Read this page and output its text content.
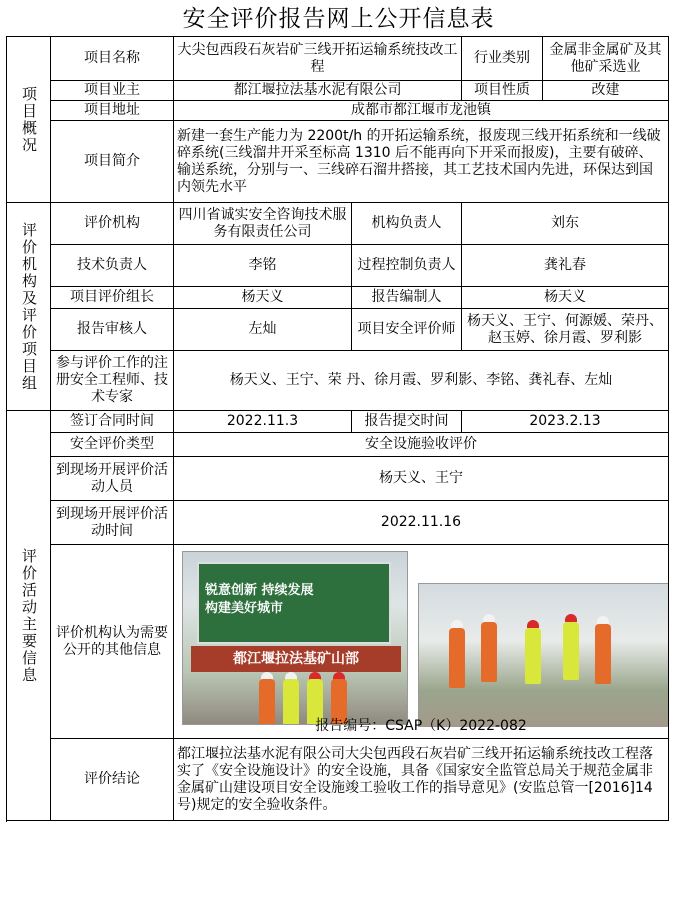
安全评价报告网上公开信息表
项目概况	项目名称	大尖包西段石灰岩矿三线开拓运输系统技改工程		行业类别	金属非金属矿及其他矿采选业
	项目业主	都江堰拉法基水泥有限公司		项目性质	改建
	项目地址	成都市都江堰市龙池镇			
	项目简介	新建一套生产能力为 2200t/h 的开拓运输系统，报废现三线开拓系统和一线破碎系统(三线溜井开采至标高 1310 后不能再向下开采而报废)，主要有破碎、输送系统，分别与一、三线碎石溜井搭接，其工艺技术国内先进，环保达到国内领先水平			

评价机构及评价项目组	评价机构	四川省诚实安全咨询技术服务有限责任公司	机构负责人	刘东	
	技术负责人	李铭	过程控制负责人	龚礼春	
	项目评价组长	杨天义	报告编制人	杨天义	
	报告审核人	左灿	项目安全评价师	杨天义、王宁、何源媛、荣丹、赵玉婷、徐月霞、罗利影	
	参与评价工作的注册安全工程师、技术专家	杨天义、王宁、荣 丹、徐月霞、罗利影、李铭、龚礼春、左灿			

评价活动主要信息	签订合同时间	2022.11.3	报告提交时间	2023.2.13	
	安全评价类型	安全设施验收评价			
	到现场开展评价活动人员	杨天义、王宁			
	到现场开展评价活动时间	2022.11.16			
	评价机构认为需要公开的其他信息	锐意创新 持续发展
构建美好城市
都江堰拉法基矿山部
报告编号：CSAP（K）2022-082			

	评价结论	都江堰拉法基水泥有限公司大尖包西段石灰岩矿三线开拓运输系统技改工程落实了《安全设施设计》的安全设施，具备《国家安全监管总局关于规范金属非金属矿山建设项目安全设施竣工验收工作的指导意见》(安监总管一[2016]14 号)规定的安全验收条件。			
